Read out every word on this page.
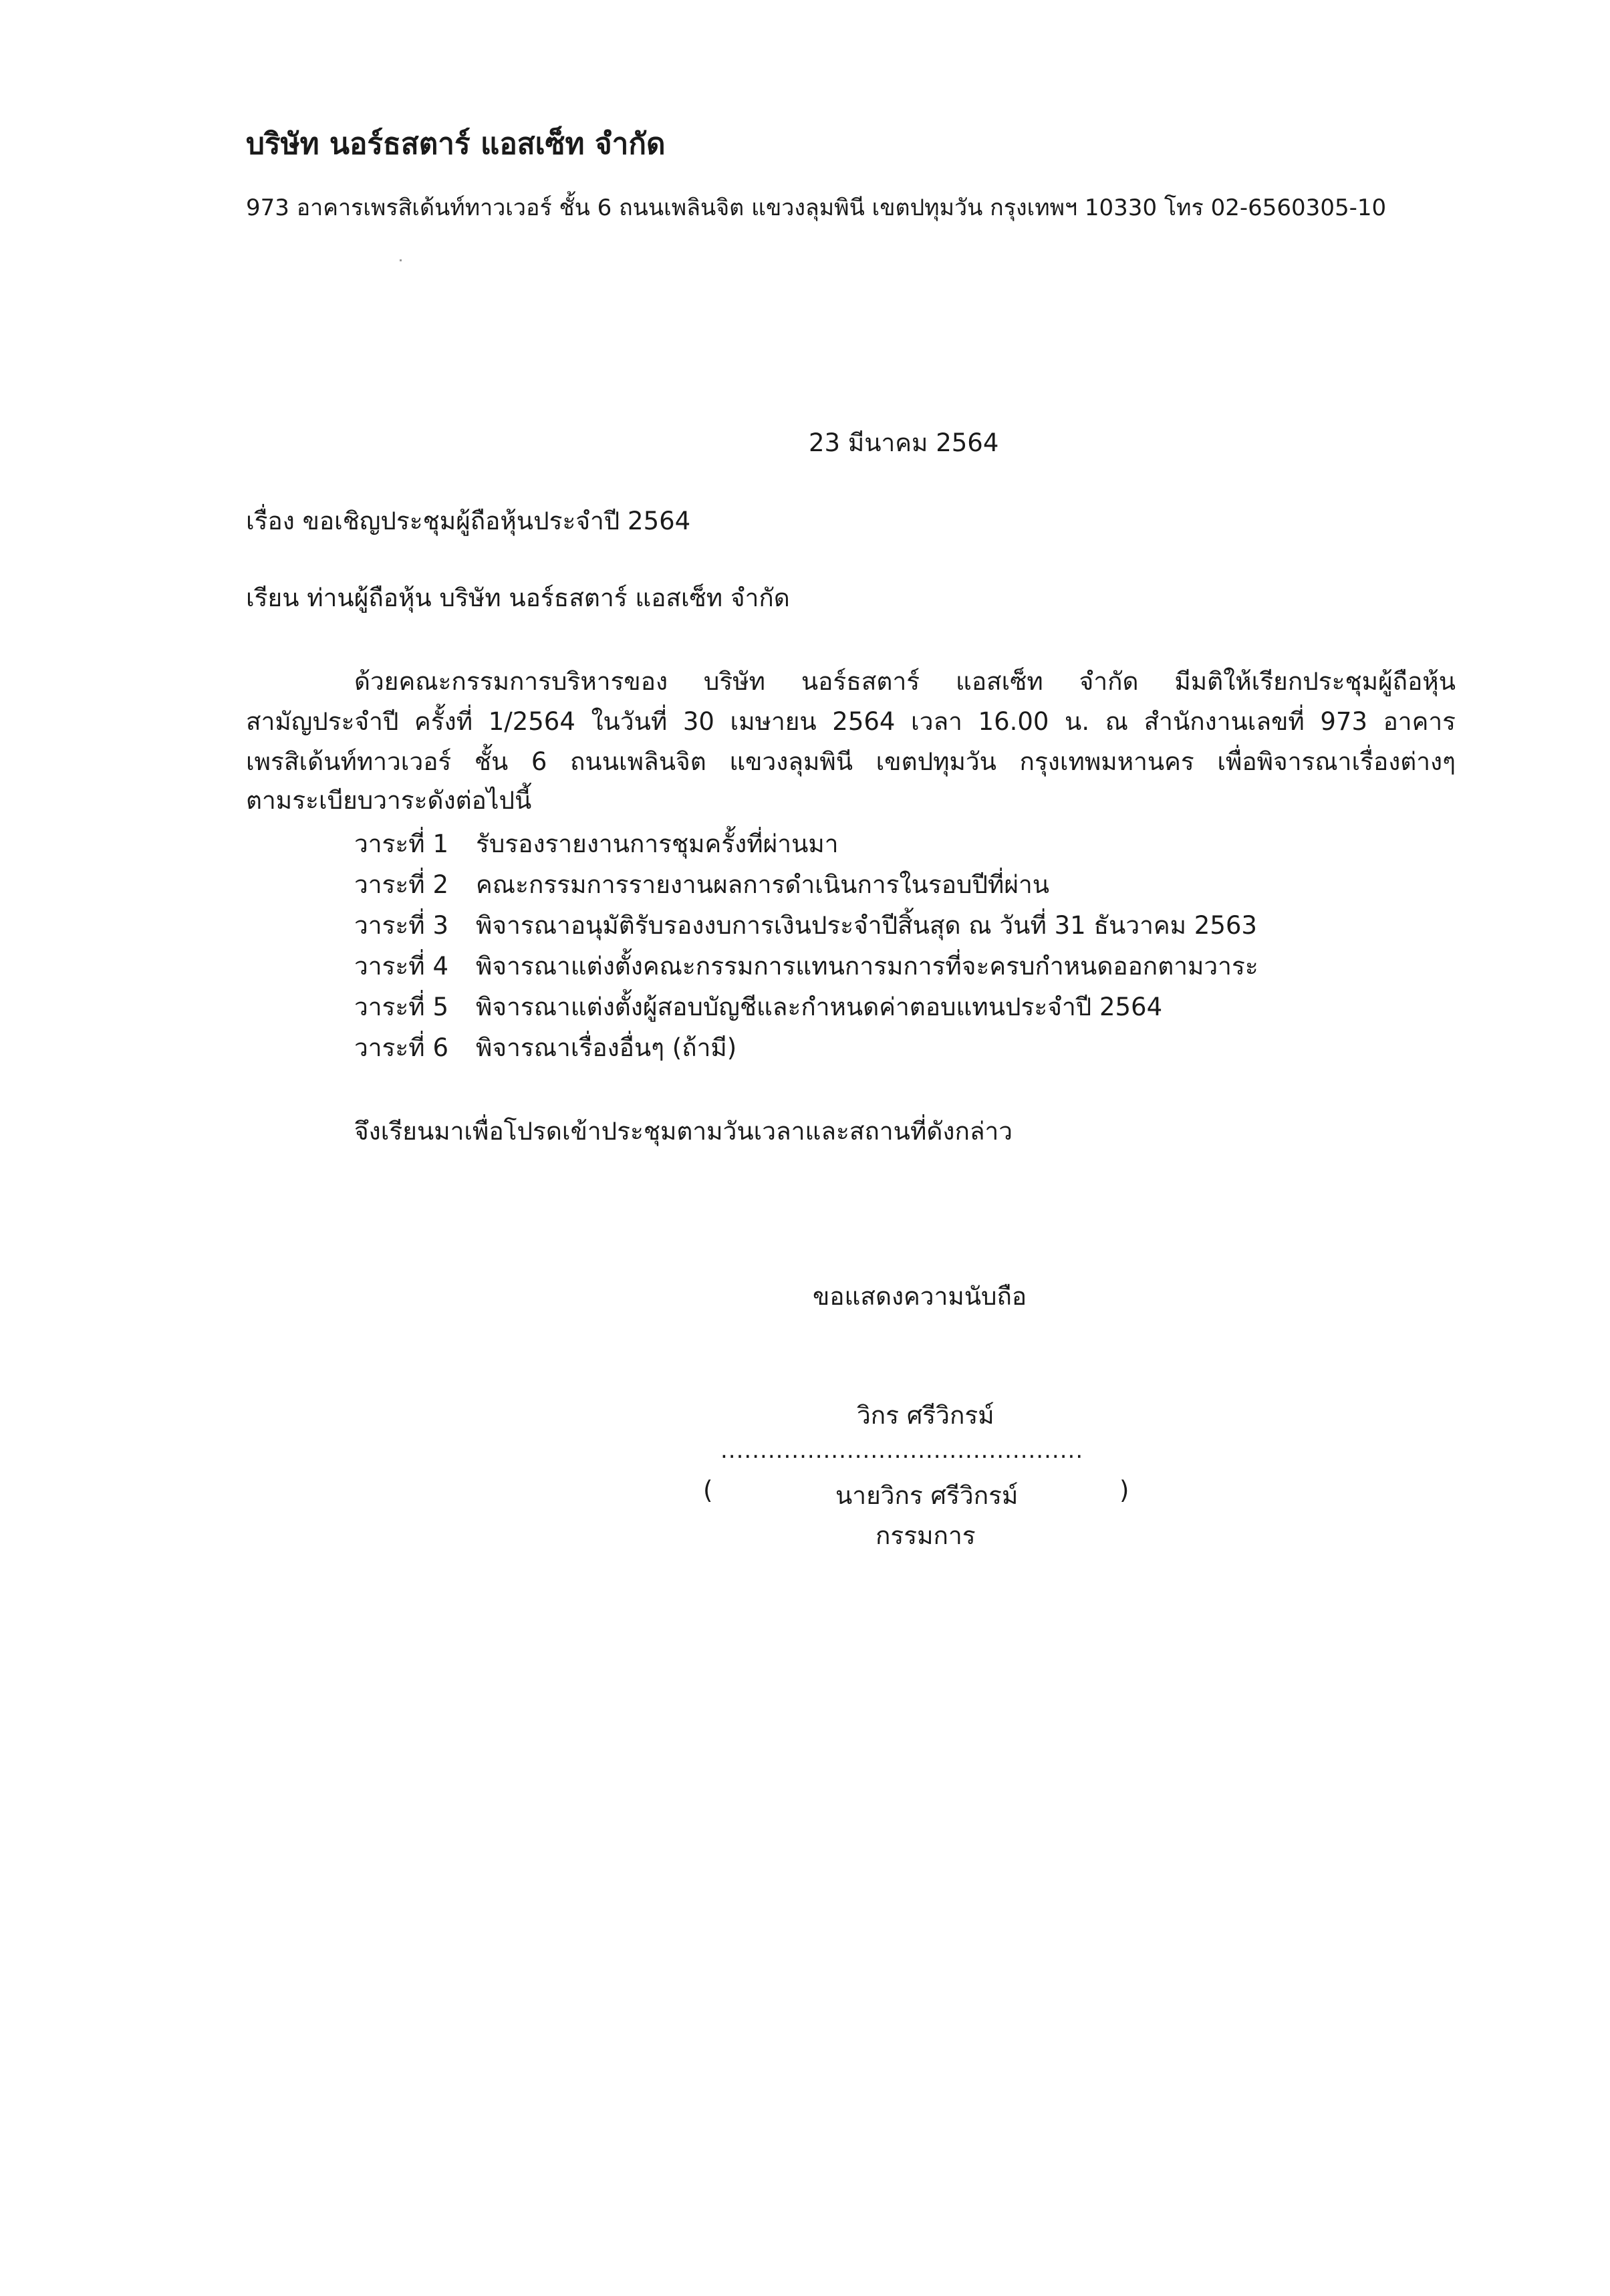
บริษัท นอร์ธสตาร์ แอสเซ็ท จำกัด
973 อาคารเพรสิเด้นท์ทาวเวอร์ ชั้น 6 ถนนเพลินจิต แขวงลุมพินี เขตปทุมวัน กรุงเทพฯ 10330 โทร 02-6560305-10
23 มีนาคม 2564
เรื่อง ขอเชิญประชุมผู้ถือหุ้นประจำปี 2564
เรียน ท่านผู้ถือหุ้น บริษัท นอร์ธสตาร์ แอสเซ็ท จำกัด
ด้วยคณะกรรมการบริหารของ บริษัท นอร์ธสตาร์ แอสเซ็ท จำกัด มีมติให้เรียกประชุมผู้ถือหุ้น
สามัญประจำปี ครั้งที่ 1/2564 ในวันที่ 30 เมษายน 2564 เวลา 16.00 น. ณ สำนักงานเลขที่ 973 อาคาร
เพรสิเด้นท์ทาวเวอร์ ชั้น 6 ถนนเพลินจิต แขวงลุมพินี เขตปทุมวัน กรุงเทพมหานคร เพื่อพิจารณาเรื่องต่างๆ
ตามระเบียบวาระดังต่อไปนี้
วาระที่ 1 รับรองรายงานการชุมครั้งที่ผ่านมา
วาระที่ 2 คณะกรรมการรายงานผลการดำเนินการในรอบปีที่ผ่าน
วาระที่ 3 พิจารณาอนุมัติรับรองงบการเงินประจำปีสิ้นสุด ณ วันที่ 31 ธันวาคม 2563
วาระที่ 4 พิจารณาแต่งตั้งคณะกรรมการแทนการมการที่จะครบกำหนดออกตามวาระ
วาระที่ 5 พิจารณาแต่งตั้งผู้สอบบัญชีและกำหนดค่าตอบแทนประจำปี 2564
วาระที่ 6 พิจารณาเรื่องอื่นๆ (ถ้ามี)
จึงเรียนมาเพื่อโปรดเข้าประชุมตามวันเวลาและสถานที่ดังกล่าว
ขอแสดงความนับถือ
วิกร ศรีวิกรม์
..............................................
(	นายวิกร ศรีวิกรม์	)
กรรมการ
